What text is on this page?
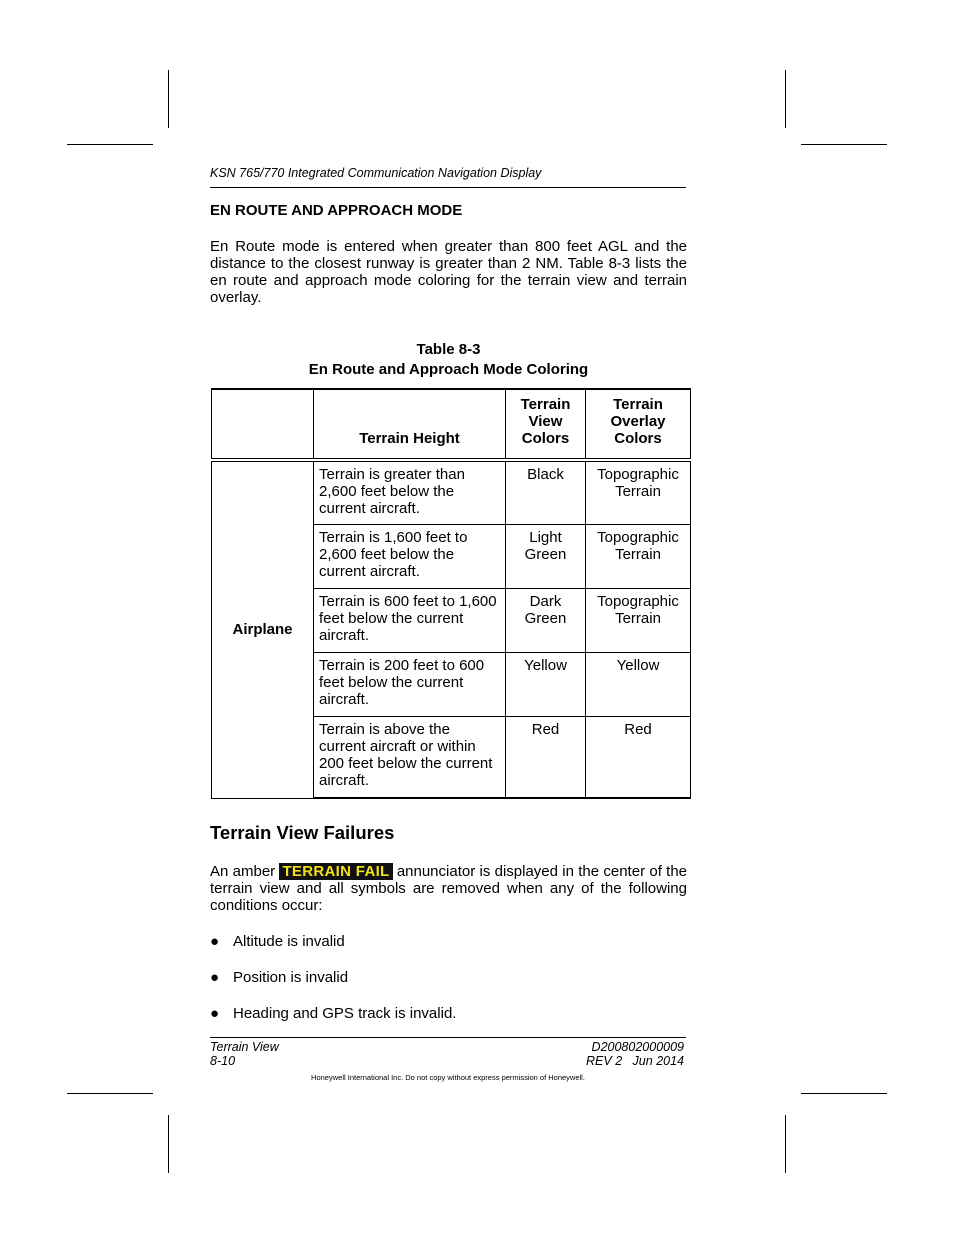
KSN 765/770 Integrated Communication Navigation Display
EN ROUTE AND APPROACH MODE

En Route mode is entered when greater than 800 feet AGL and the distance to the closest runway is greater than 2 NM. Table 8-3 lists the en route and approach mode coloring for the terrain view and terrain overlay.

Table 8-3
En Route and Approach Mode Coloring
	Terrain Height	Terrain View Colors	Terrain Overlay Colors

Airplane	Terrain is greater than 2,600 feet below the current aircraft.	Black	Topographic Terrain
	Terrain is 1,600 feet to 2,600 feet below the current aircraft.	Light Green	Topographic Terrain
	Terrain is 600 feet to 1,600 feet below the current aircraft.	Dark Green	Topographic Terrain
	Terrain is 200 feet to 600 feet below the current aircraft.	Yellow	Yellow
	Terrain is above the current aircraft or within 200 feet below the current aircraft.	Red	Red
Terrain View Failures

An amber TERRAIN FAIL annunciator is displayed in the center of the terrain view and all symbols are removed when any of the following conditions occur:

● Altitude is invalid
● Position is invalid
● Heading and GPS track is invalid.
Terrain View
8-10
D200802000009
REV 2   Jun 2014
Honeywell International Inc. Do not copy without express permission of Honeywell.
